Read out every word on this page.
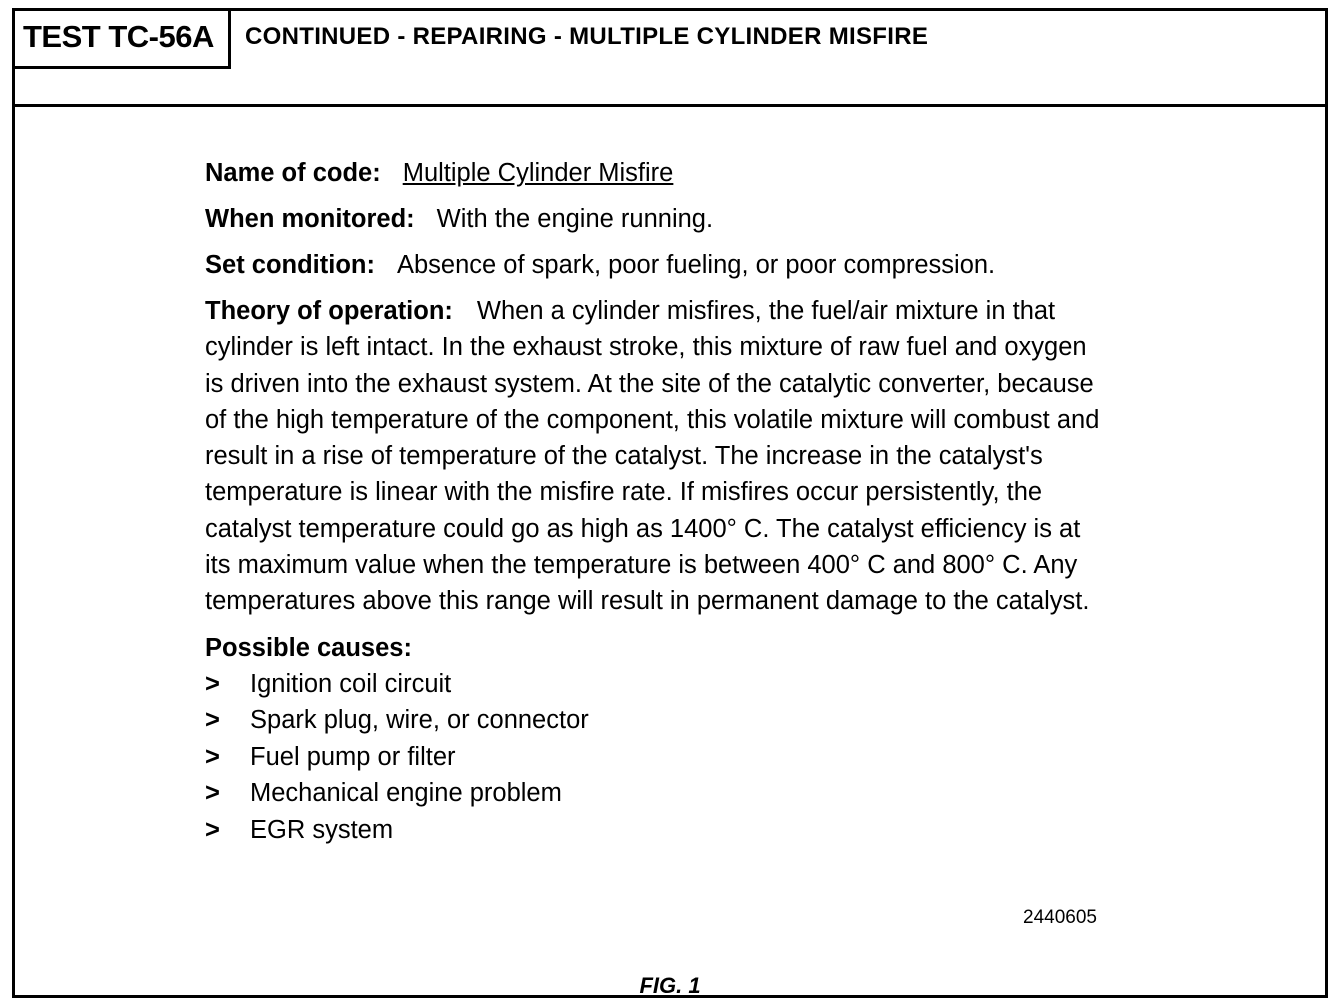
TEST TC-56A	CONTINUED - REPAIRING - MULTIPLE CYLINDER MISFIRE
2440605
FIG. 1
Name of code: Multiple Cylinder Misfire
When monitored: With the engine running.
Set condition: Absence of spark, poor fueling, or poor compression.
Theory of operation: When a cylinder misfires, the fuel/air mixture in that cylinder is left intact. In the exhaust stroke, this mixture of raw fuel and oxygen is driven into the exhaust system. At the site of the catalytic converter, because of the high temperature of the component, this volatile mixture will combust and result in a rise of temperature of the catalyst. The increase in the catalyst's temperature is linear with the misfire rate. If misfires occur persistently, the catalyst temperature could go as high as 1400° C. The catalyst efficiency is at its maximum value when the temperature is between 400° C and 800° C. Any temperatures above this range will result in permanent damage to the catalyst.
Possible causes:
> Ignition coil circuit
> Spark plug, wire, or connector
> Fuel pump or filter
> Mechanical engine problem
> EGR system
